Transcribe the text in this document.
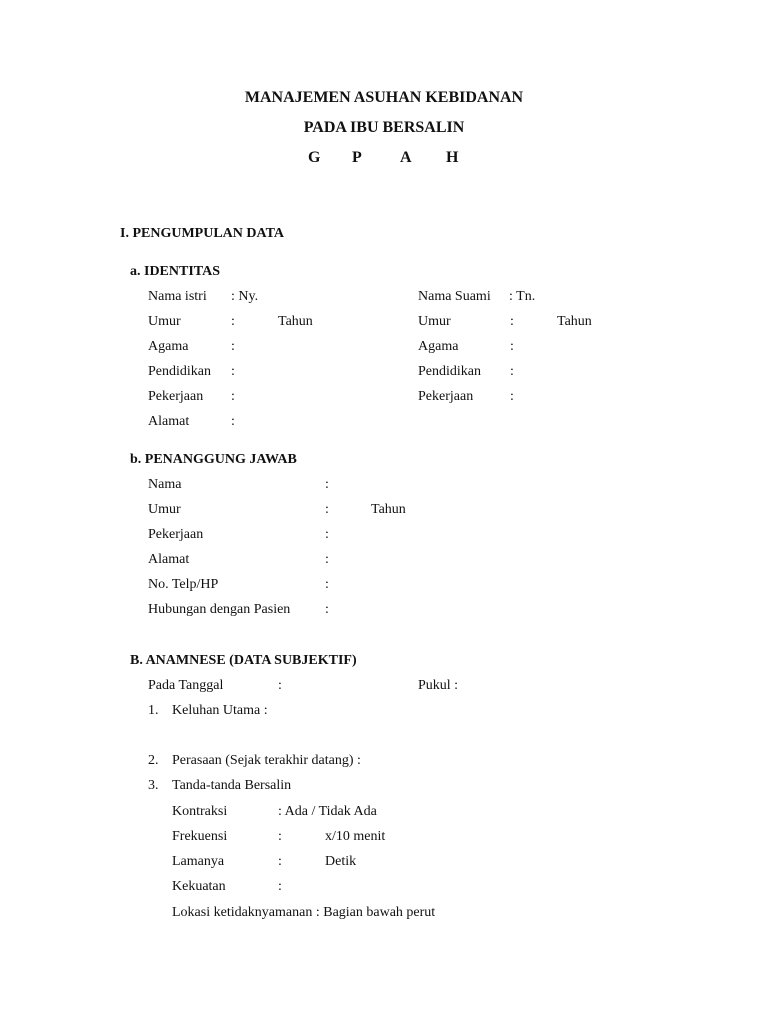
MANAJEMEN ASUHAN KEBIDANAN
PADA IBU BERSALIN
G P A H
I. PENGUMPULAN DATA
a. IDENTITAS
Nama istri : Ny.
Umur	:	Tahun
Agama	:
Pendidikan :
Pekerjaan :
Alamat	:
Nama Suami : Tn.
Umur	:	Tahun
Agama	:
Pendidikan :
Pekerjaan	:
b. PENANGGUNG JAWAB
Nama	:
Umur	:	Tahun
Pekerjaan	:
Alamat	:
No. Telp/HP	:
Hubungan dengan Pasien :
B. ANAMNESE (DATA SUBJEKTIF)
Pada Tanggal	:	Pukul :
1. Keluhan Utama :
2. Perasaan (Sejak terakhir datang) :
3. Tanda-tanda Bersalin
Kontraksi	: Ada / Tidak Ada
Frekuensi	:	x/10 menit
Lamanya	:	Detik
Kekuatan	:
Lokasi ketidaknyamanan : Bagian bawah perut
